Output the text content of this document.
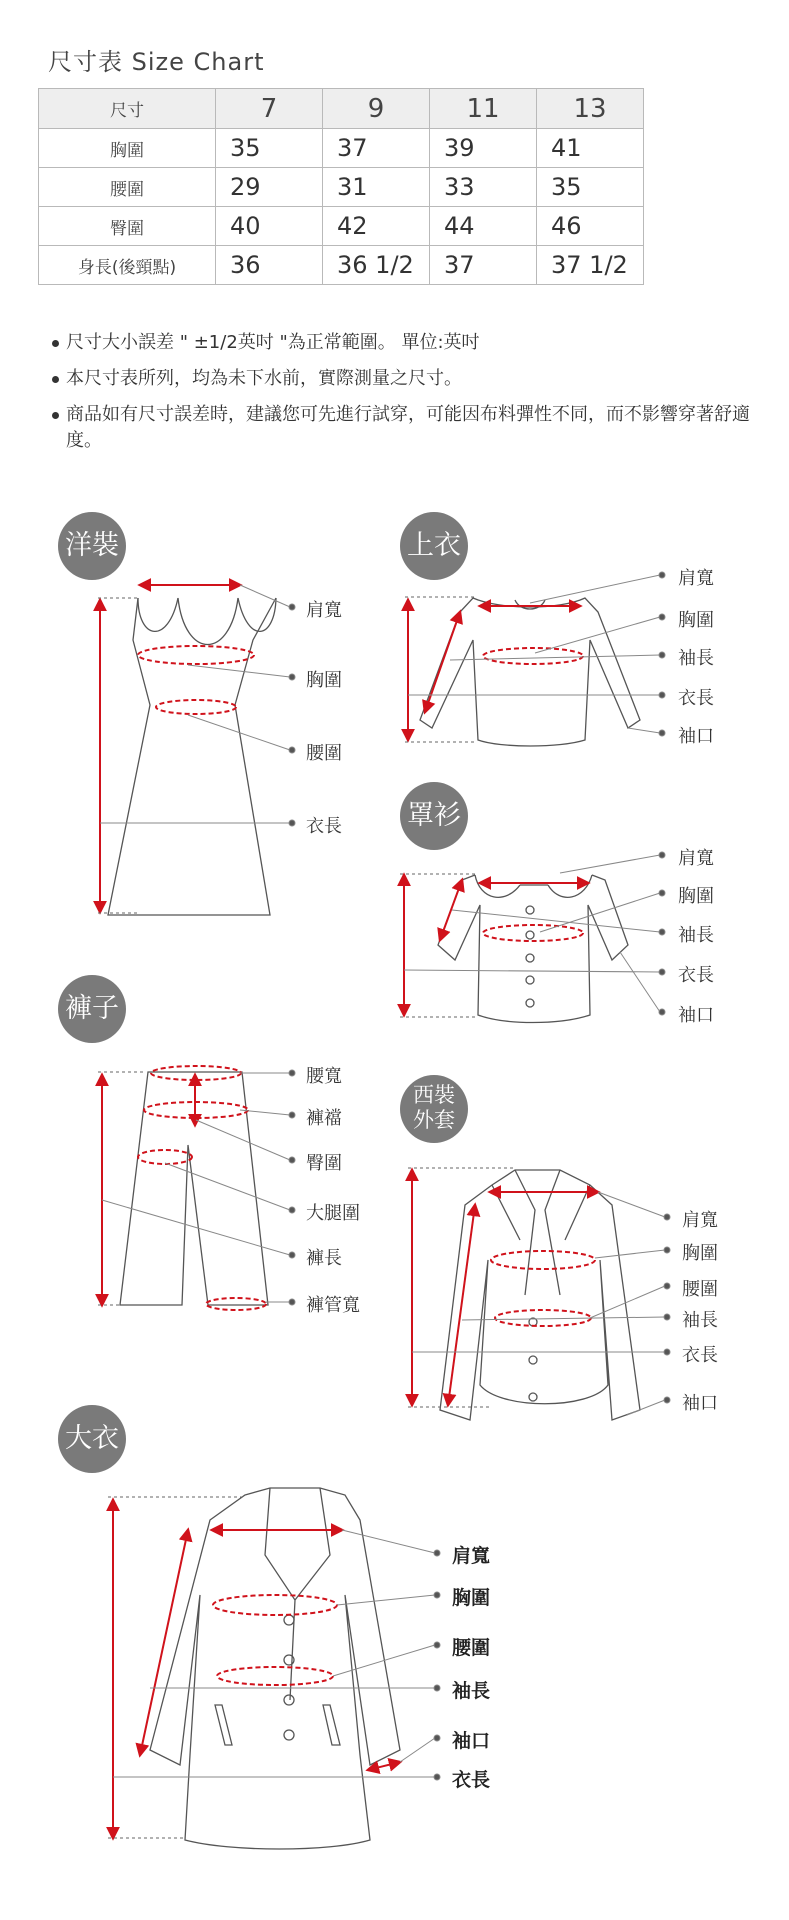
尺寸表 Size Chart
尺寸	7	9	11	13
胸圍	35	37	39	41
腰圍	29	31	33	35
臀圍	40	42	44	46
身長(後頸點)	36	36 1/2	37	37 1/2
尺寸大小誤差 " ±1/2英吋 "為正常範圍。 單位:英吋
本尺寸表所列，均為未下水前，實際測量之尺寸。
商品如有尺寸誤差時，建議您可先進行試穿，可能因布料彈性不同，而不影響穿著舒適度。
洋裝	上衣
罩衫
褲子
西裝
外套
大衣
肩寬
胸圍
腰圍
衣長
肩寬
胸圍
袖長
衣長
袖口
肩寬
胸圍
袖長
衣長
袖口
腰寬
褲襠
臀圍
大腿圍
褲長
褲管寬
肩寬
胸圍
腰圍
袖長
衣長
袖口
肩寬
胸圍
腰圍
袖長
袖口
衣長
